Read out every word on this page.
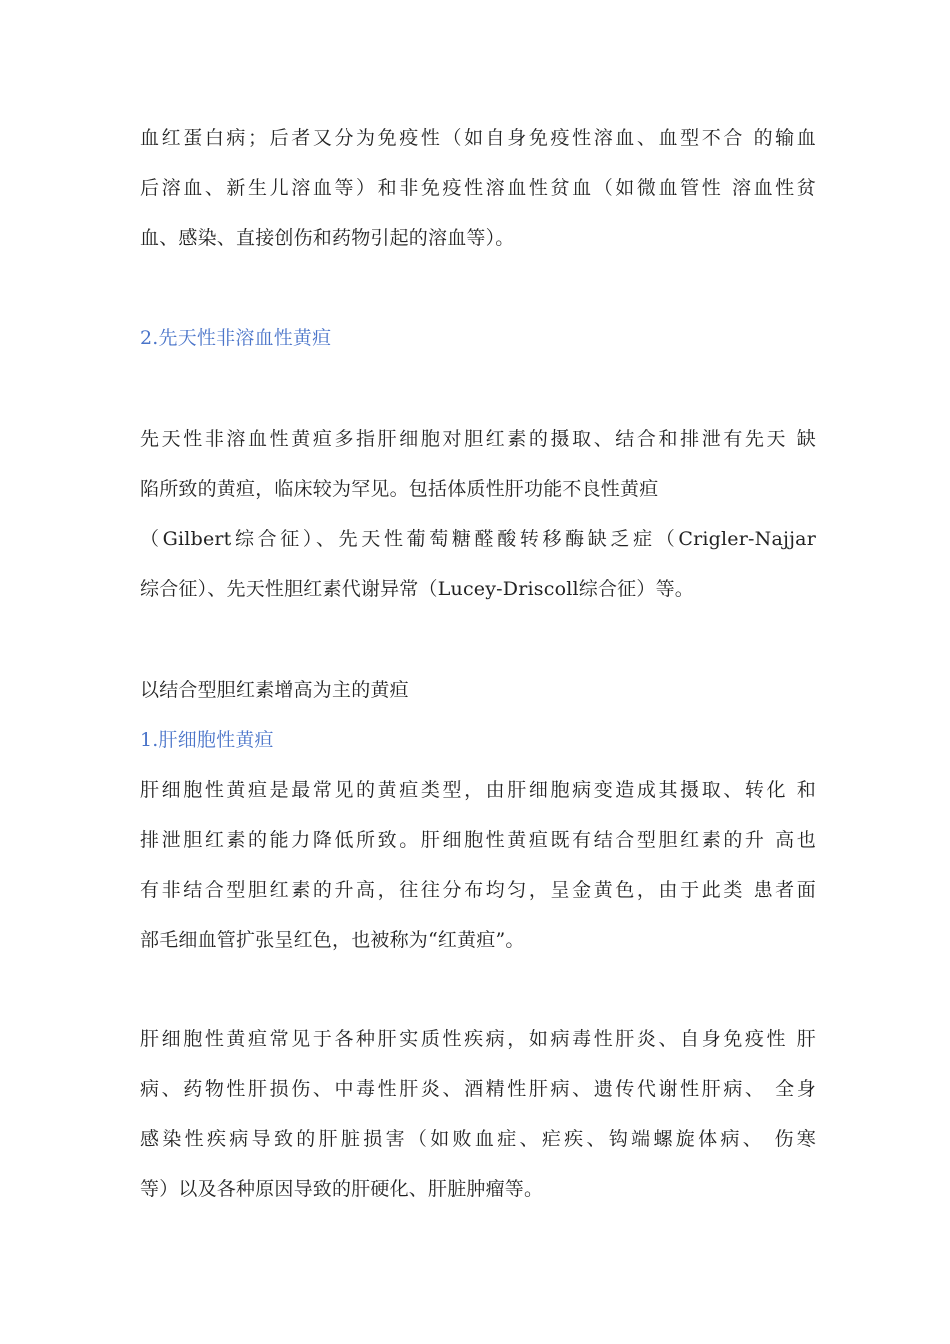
血红蛋白病；后者又分为免疫性（如自身免疫性溶血、血型不合 的输血
后溶血、新生儿溶血等）和非免疫性溶血性贫血（如微血管性 溶血性贫
血、感染、直接创伤和药物引起的溶血等）。
2.先天性非溶血性黄疸
先天性非溶血性黄疸多指肝细胞对胆红素的摄取、结合和排泄有先天 缺
陷所致的黄疸，临床较为罕见。包括体质性肝功能不良性黄疸
（Gilbert综合征）、先天性葡萄糖醛酸转移酶缺乏症（Crigler-Najjar
综合征）、先天性胆红素代谢异常（Lucey-Driscoll综合征）等。
以结合型胆红素增高为主的黄疸
1.肝细胞性黄疸
肝细胞性黄疸是最常见的黄疸类型，由肝细胞病变造成其摄取、转化 和
排泄胆红素的能力降低所致。肝细胞性黄疸既有结合型胆红素的升 高也
有非结合型胆红素的升高，往往分布均匀，呈金黄色，由于此类 患者面
部毛细血管扩张呈红色，也被称为“红黄疸”。
肝细胞性黄疸常见于各种肝实质性疾病，如病毒性肝炎、自身免疫性 肝
病、药物性肝损伤、中毒性肝炎、酒精性肝病、遗传代谢性肝病、 全身
感染性疾病导致的肝脏损害（如败血症、疟疾、钩端螺旋体病、 伤寒
等）以及各种原因导致的肝硬化、肝脏肿瘤等。
